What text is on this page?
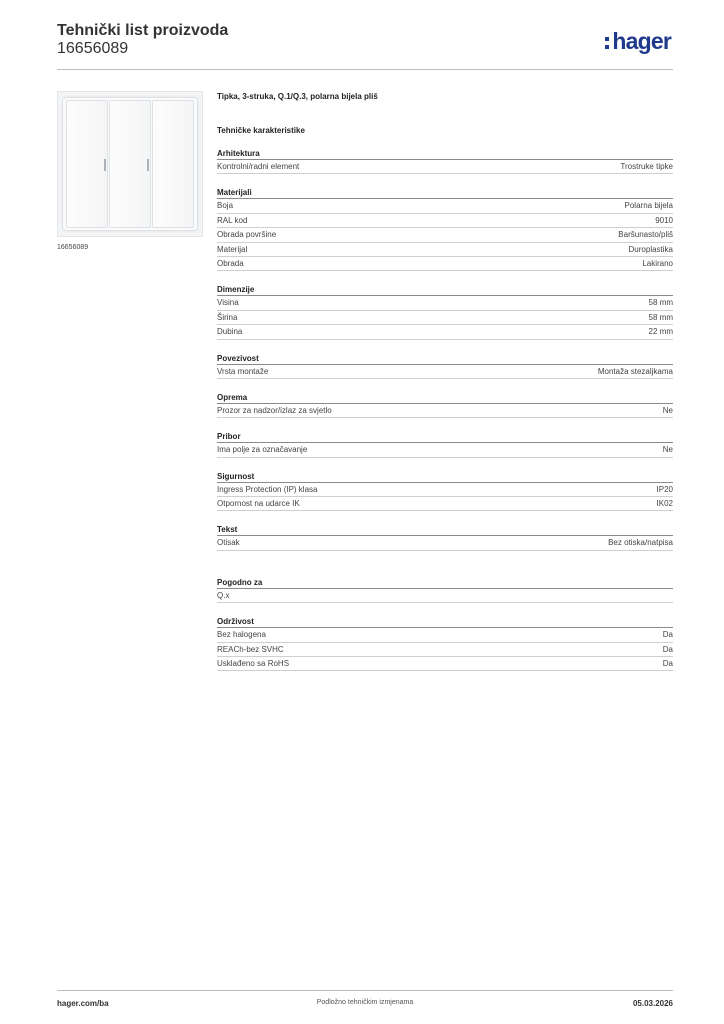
Tehnički list proizvoda
16656089	hager
16656089
Tipka, 3-struka, Q.1/Q.3, polarna bijela pliš
Tehničke karakteristike
Arhitektura
Kontrolni/radni element	Trostruke tipke
Materijali
Boja	Polarna bijela
RAL kod	9010
Obrada površine	Baršunasto/pliš
Materijal	Duroplastika
Obrada	Lakirano
Dimenzije
Visina	58 mm
Širina	58 mm
Dubina	22 mm
Povezivost
Vrsta montaže	Montaža stezaljkama
Oprema
Prozor za nadzor/izlaz za svjetlo	Ne
Pribor
Ima polje za označavanje	Ne
Sigurnost
Ingress Protection (IP) klasa	IP20
Otpornost na udarce IK	IK02
Tekst
Otisak	Bez otiska/natpisa
Pogodno za
Q.x
Održivost
Bez halogena	Da
REACh-bez SVHC	Da
Usklađeno sa RoHS	Da
hager.com/ba	Podložno tehničkim izmjenama	05.03.2026
